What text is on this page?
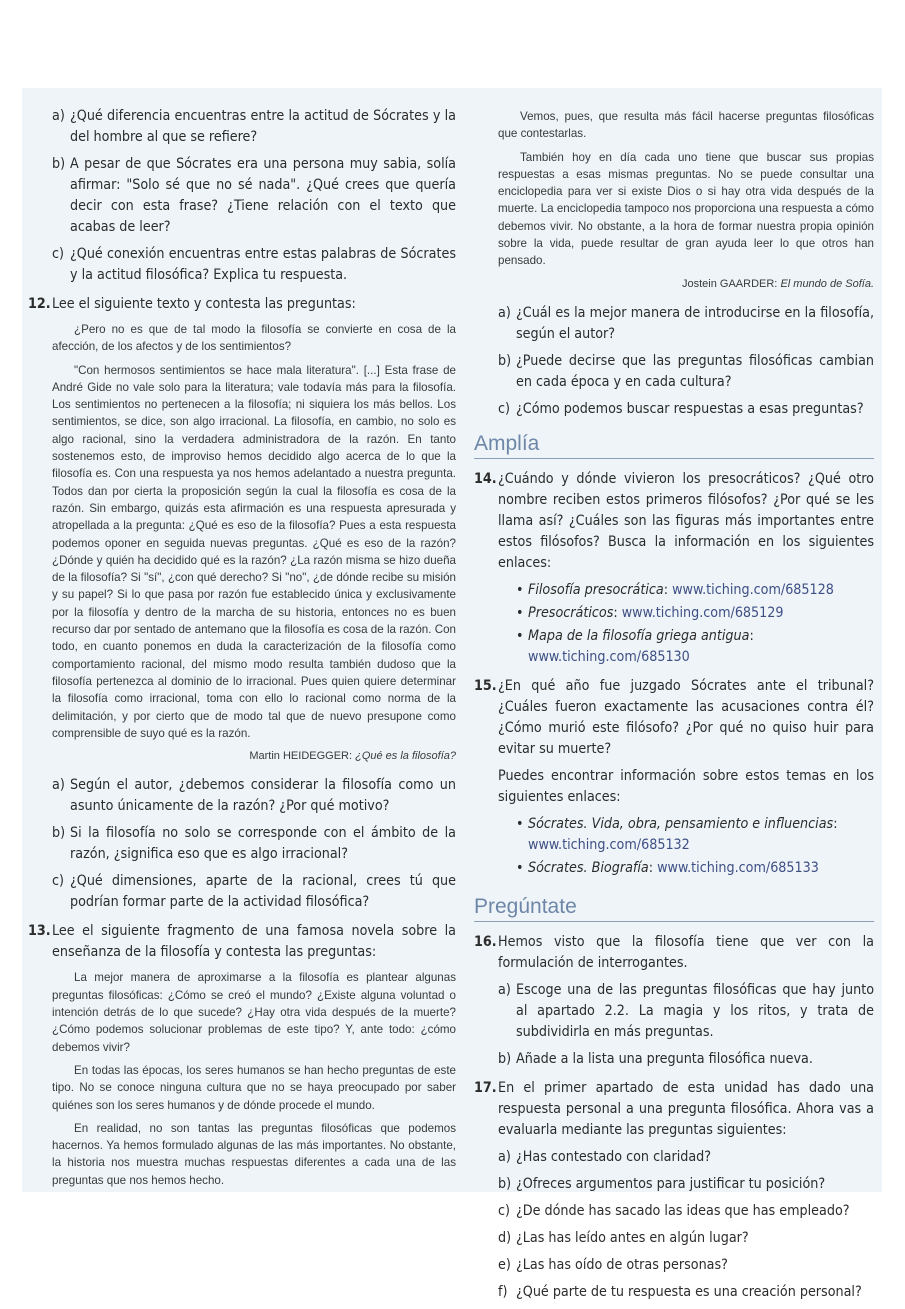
a) ¿Qué diferencia encuentras entre la actitud de Sócrates y la del hombre al que se refiere?
b) A pesar de que Sócrates era una persona muy sabia, solía afirmar: "Solo sé que no sé nada". ¿Qué crees que quería decir con esta frase? ¿Tiene relación con el texto que acabas de leer?
c) ¿Qué conexión encuentras entre estas palabras de Sócrates y la actitud filosófica? Explica tu respuesta.
12. Lee el siguiente texto y contesta las preguntas:

¿Pero no es que de tal modo la filosofía se convierte en cosa de la afección, de los afectos y de los sentimientos?

"Con hermosos sentimientos se hace mala literatura". [...] Esta frase de André Gide no vale solo para la literatura; vale todavía más para la filosofía. Los sentimientos no pertenecen a la filosofía; ni siquiera los más bellos. Los sentimientos, se dice, son algo irracional. La filosofía, en cambio, no solo es algo racional, sino la verdadera administradora de la razón. En tanto sostenemos esto, de improviso hemos decidido algo acerca de lo que la filosofía es. Con una respuesta ya nos hemos adelantado a nuestra pregunta. Todos dan por cierta la proposición según la cual la filosofía es cosa de la razón. Sin embargo, quizás esta afirmación es una respuesta apresurada y atropellada a la pregunta: ¿Qué es eso de la filosofía? Pues a esta respuesta podemos oponer en seguida nuevas preguntas. ¿Qué es eso de la razón? ¿Dónde y quién ha decidido qué es la razón? ¿La razón misma se hizo dueña de la filosofía? Si "sí", ¿con qué derecho? Si "no", ¿de dónde recibe su misión y su papel? Si lo que pasa por razón fue establecido única y exclusivamente por la filosofía y dentro de la marcha de su historia, entonces no es buen recurso dar por sentado de antemano que la filosofía es cosa de la razón. Con todo, en cuanto ponemos en duda la caracterización de la filosofía como comportamiento racional, del mismo modo resulta también dudoso que la filosofía pertenezca al dominio de lo irracional. Pues quien quiere determinar la filosofía como irracional, toma con ello lo racional como norma de la delimitación, y por cierto que de modo tal que de nuevo presupone como comprensible de suyo qué es la razón.

Martin HEIDEGGER: ¿Qué es la filosofía?
a) Según el autor, ¿debemos considerar la filosofía como un asunto únicamente de la razón? ¿Por qué motivo?
b) Si la filosofía no solo se corresponde con el ámbito de la razón, ¿significa eso que es algo irracional?
c) ¿Qué dimensiones, aparte de la racional, crees tú que podrían formar parte de la actividad filosófica?
13. Lee el siguiente fragmento de una famosa novela sobre la enseñanza de la filosofía y contesta las preguntas:

La mejor manera de aproximarse a la filosofía es plantear algunas preguntas filosóficas: ¿Cómo se creó el mundo? ¿Existe alguna voluntad o intención detrás de lo que sucede? ¿Hay otra vida después de la muerte? ¿Cómo podemos solucionar problemas de este tipo? Y, ante todo: ¿cómo debemos vivir?

En todas las épocas, los seres humanos se han hecho preguntas de este tipo. No se conoce ninguna cultura que no se haya preocupado por saber quiénes son los seres humanos y de dónde procede el mundo.

En realidad, no son tantas las preguntas filosóficas que podemos hacernos. Ya hemos formulado algunas de las más importantes. No obstante, la historia nos muestra muchas respuestas diferentes a cada una de las preguntas que nos hemos hecho.

Vemos, pues, que resulta más fácil hacerse preguntas filosóficas que contestarlas.

También hoy en día cada uno tiene que buscar sus propias respuestas a esas mismas preguntas. No se puede consultar una enciclopedia para ver si existe Dios o si hay otra vida después de la muerte. La enciclopedia tampoco nos proporciona una respuesta a cómo debemos vivir. No obstante, a la hora de formar nuestra propia opinión sobre la vida, puede resultar de gran ayuda leer lo que otros han pensado.

Jostein GAARDER: El mundo de Sofía.
a) ¿Cuál es la mejor manera de introducirse en la filosofía, según el autor?
b) ¿Puede decirse que las preguntas filosóficas cambian en cada época y en cada cultura?
c) ¿Cómo podemos buscar respuestas a esas preguntas?
Amplía
14. ¿Cuándo y dónde vivieron los presocráticos? ¿Qué otro nombre reciben estos primeros filósofos? ¿Por qué se les llama así? ¿Cuáles son las figuras más importantes entre estos filósofos? Busca la información en los siguientes enlaces:
• Filosofía presocrática: www.tiching.com/685128
• Presocráticos: www.tiching.com/685129
• Mapa de la filosofía griega antigua:
www.tiching.com/685130
15. ¿En qué año fue juzgado Sócrates ante el tribunal? ¿Cuáles fueron exactamente las acusaciones contra él? ¿Cómo murió este filósofo? ¿Por qué no quiso huir para evitar su muerte?
Puedes encontrar información sobre estos temas en los siguientes enlaces:
• Sócrates. Vida, obra, pensamiento e influencias:
www.tiching.com/685132
• Sócrates. Biografía: www.tiching.com/685133
Pregúntate
16. Hemos visto que la filosofía tiene que ver con la formulación de interrogantes.
a) Escoge una de las preguntas filosóficas que hay junto al apartado 2.2. La magia y los ritos, y trata de subdividirla en más preguntas.
b) Añade a la lista una pregunta filosófica nueva.
17. En el primer apartado de esta unidad has dado una respuesta personal a una pregunta filosófica. Ahora vas a evaluarla mediante las preguntas siguientes:
a) ¿Has contestado con claridad?
b) ¿Ofreces argumentos para justificar tu posición?
c) ¿De dónde has sacado las ideas que has empleado?
d) ¿Las has leído antes en algún lugar?
e) ¿Las has oído de otras personas?
f) ¿Qué parte de tu respuesta es una creación personal?
